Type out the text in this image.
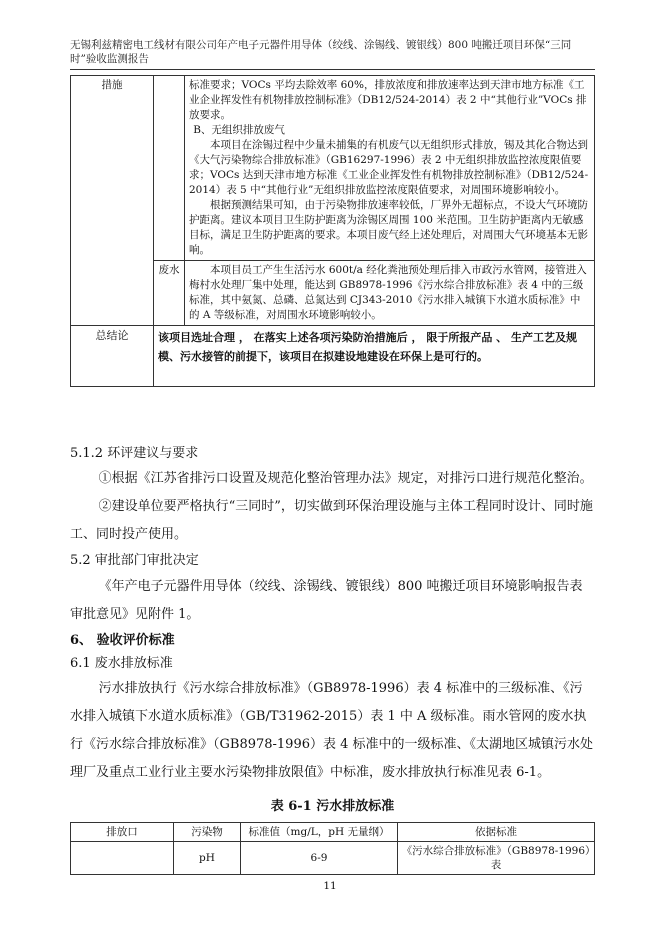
无锡利兹精密电工线材有限公司年产电子元器件用导体（绞线、涂锡线、镀银线）800 吨搬迁项目环保“三同时”验收监测报告
措施		标准要求；VOCs 平均去除效率 60%，排放浓度和排放速率达到天津市地方标准《工业企业挥发性有机物排放控制标准》（DB12/524-2014）表 2 中“其他行业”VOCs 排放要求。

B、无组织排放废气

本项目在涂锡过程中少量未捕集的有机废气以无组织形式排放，锡及其化合物达到《大气污染物综合排放标准》（GB16297-1996）表 2 中无组织排放监控浓度限值要求；VOCs 达到天津市地方标准《工业企业挥发性有机物排放控制标准》（DB12/524-2014）表 5 中“其他行业”无组织排放监控浓度限值要求，对周围环境影响较小。

根据预测结果可知，由于污染物排放速率较低，厂界外无超标点，不设大气环境防护距离。建议本项目卫生防护距离为涂锡区周围 100 米范围。卫生防护距离内无敏感目标，满足卫生防护距离的要求。本项目废气经上述处理后，对周围大气环境基本无影响。

	废水	本项目员工产生生活污水 600t/a 经化粪池预处理后排入市政污水管网，接管进入梅村水处理厂集中处理，能达到 GB8978-1996《污水综合排放标准》表 4 中的三级标准，其中氨氮、总磷、总氮达到 CJ343-2010《污水排入城镇下水道水质标准》中的 A 等级标准，对周围水环境影响较小。

总结论	该项目选址合理 ， 在落实上述各项污染防治措施后 ， 限于所报产品 、 生产工艺及规模、污水接管的前提下，该项目在拟建设地建设在环保上是可行的。	

5.1.2 环评建议与要求

①根据《江苏省排污口设置及规范化整治管理办法》规定，对排污口进行规范化整治。

②建设单位要严格执行“三同时”，切实做到环保治理设施与主体工程同时设计、同时施工、同时投产使用。

5.2 审批部门审批决定

《年产电子元器件用导体（绞线、涂锡线、镀银线）800 吨搬迁项目环境影响报告表审批意见》见附件 1。

6、 验收评价标准

6.1 废水排放标准

污水排放执行《污水综合排放标准》（GB8978-1996）表 4 标准中的三级标准、《污水排入城镇下水道水质标准》（GB/T31962-2015）表 1 中 A 级标准。雨水管网的废水执行《污水综合排放标准》（GB8978-1996）表 4 标准中的一级标准、《太湖地区城镇污水处理厂及重点工业行业主要水污染物排放限值》中标准，废水排放执行标准见表 6-1。

表 6-1 污水排放标准
排放口	污染物	标准值（mg/L，pH 无量纲）	依据标准
	pH	6-9	《污水综合排放标准》（GB8978-1996）表
11
